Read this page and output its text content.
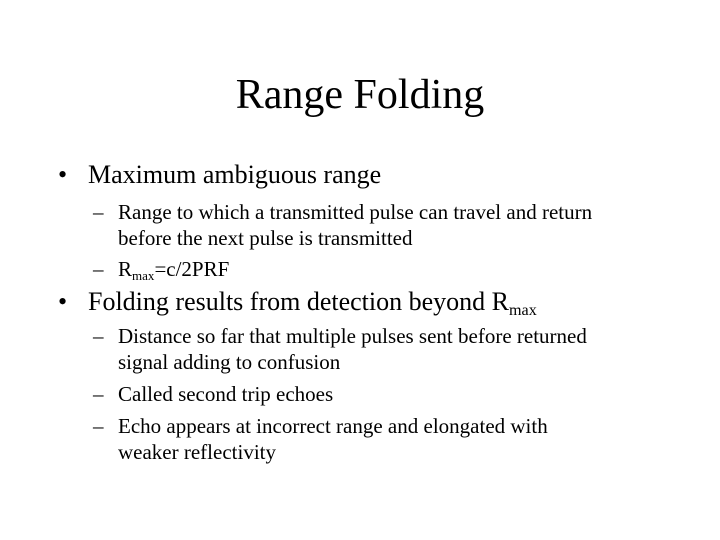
Range Folding
• Maximum ambiguous range
– Range to which a transmitted pulse can travel and return
before the next pulse is transmitted
– $R_{max}=c/2PRF$
• Folding results from detection beyond $R_{max}$
– Distance so far that multiple pulses sent before returned
signal adding to confusion
– Called second trip echoes
– Echo appears at incorrect range and elongated with
weaker reflectivity
